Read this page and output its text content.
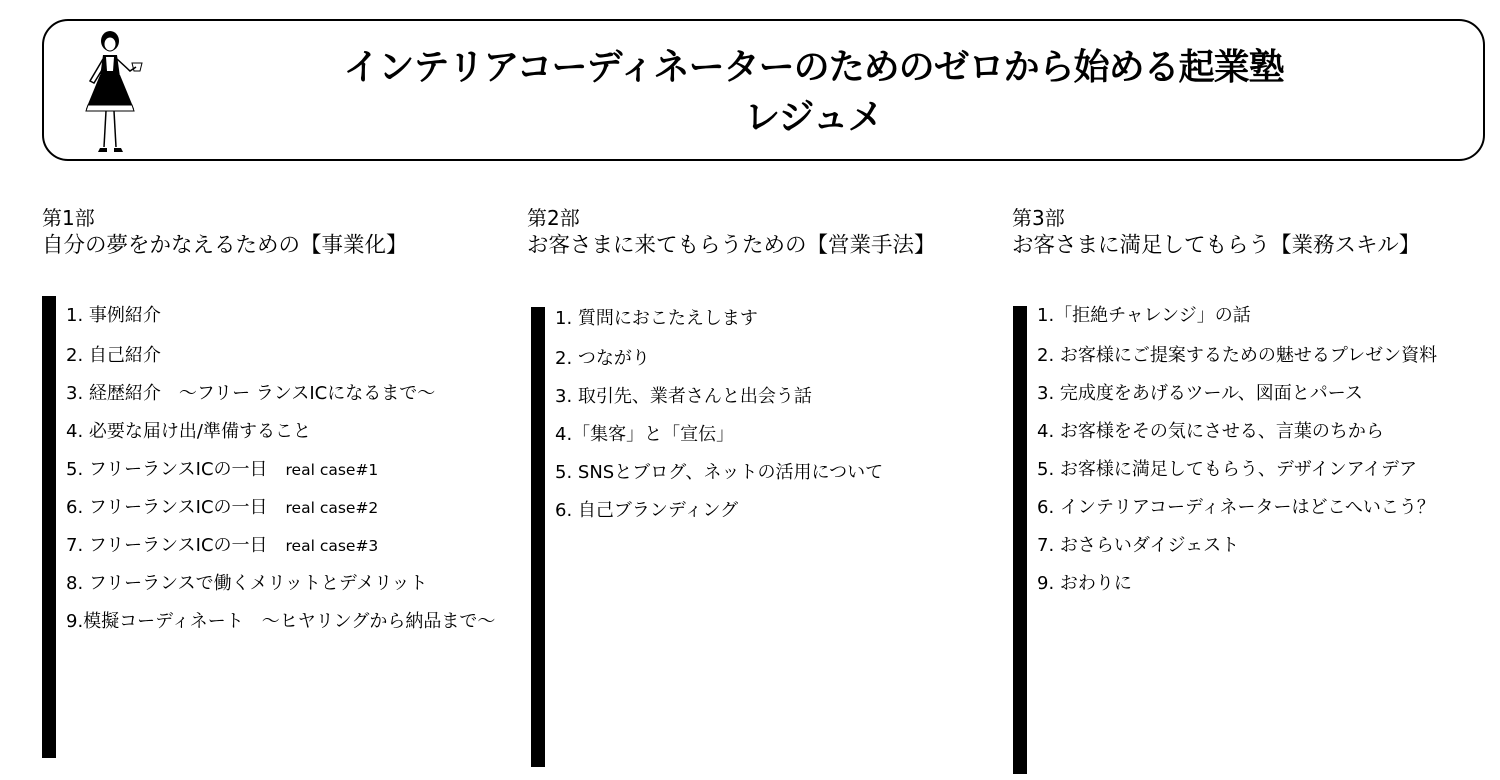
インテリアコーディネーターのためのゼロから始める起業塾
レジュメ
第1部
自分の夢をかなえるための【事業化】
1. 事例紹介
2. 自己紹介
3. 経歴紹介　～フリー ランスICになるまで～
4. 必要な届け出/準備すること
5. フリーランスICの一日　 real case#1
6. フリーランスICの一日　 real case#2
7. フリーランスICの一日　 real case#3
8. フリーランスで働くメリットとデメリット
9.模擬コーディネート　～ヒヤリングから納品まで～
第2部
お客さまに来てもらうための【営業手法】
1. 質問におこたえします
2. つながり
3. 取引先、業者さんと出会う話
4.「集客」と「宣伝」
5. SNSとブログ、ネットの活用について
6. 自己ブランディング
第3部
お客さまに満足してもらう【業務スキル】
1.「拒絶チャレンジ」の話
2. お客様にご提案するための魅せるプレゼン資料
3. 完成度をあげるツール、図面とパース
4. お客様をその気にさせる、言葉のちから
5. お客様に満足してもらう、デザインアイデア
6. インテリアコーディネーターはどこへいこう？
7. おさらいダイジェスト
9. おわりに
